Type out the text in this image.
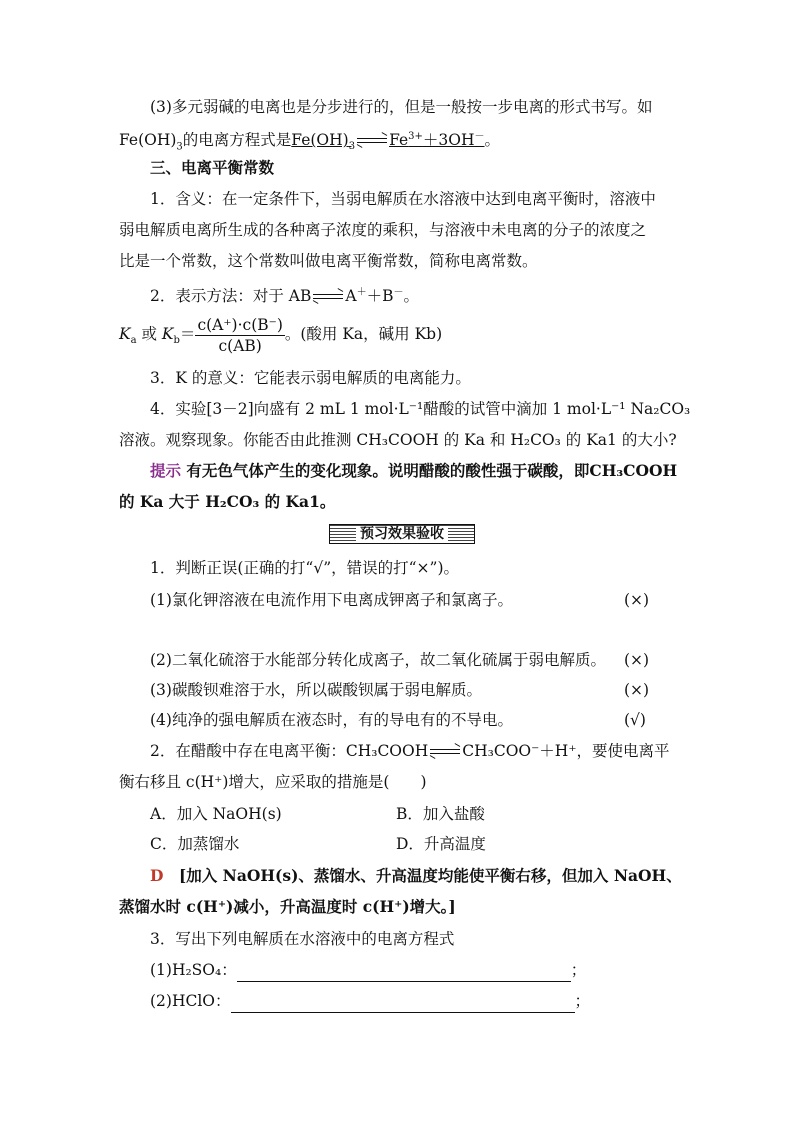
(3)多元弱碱的电离也是分步进行的，但是一般按一步电离的形式书写。如
$Fe(OH)_3$的电离方程式是$Fe(OH)_3$ $Fe^{3+}+3OH^-$。
三、电离平衡常数
1．含义：在一定条件下，当弱电解质在水溶液中达到电离平衡时，溶液中
弱电解质电离所生成的各种离子浓度的乘积，与溶液中未电离的分子的浓度之
比是一个常数，这个常数叫做电离平衡常数，简称电离常数。
2．表示方法：对于 AB A＋＋B－。
$K_a$ 或 $K_b= \frac{c(A^+)\cdot c(B^-)}{c(AB)}$ 。(酸用 Ka，碱用 Kb)
3．K 的意义：它能表示弱电解质的电离能力。
4．实验[3－2]向盛有 2 mL 1 mol·L⁻¹醋酸的试管中滴加 1 mol·L⁻¹ Na₂CO₃
溶液。观察现象。你能否由此推测 CH₃COOH 的 Ka 和 H₂CO₃ 的 Ka1 的大小?
提示 有无色气体产生的变化现象。说明醋酸的酸性强于碳酸，即CH₃COOH
的 Ka 大于 H₂CO₃ 的 Ka1。
预习效果验收
1．判断正误(正确的打“√”，错误的打“×”)。
(1)氯化钾溶液在电流作用下电离成钾离子和氯离子。	(×)
(2)二氧化硫溶于水能部分转化成离子，故二氧化硫属于弱电解质。 (×)
(3)碳酸钡难溶于水，所以碳酸钡属于弱电解质。	(×)
(4)纯净的强电解质在液态时，有的导电有的不导电。	(√)
2．在醋酸中存在电离平衡：CH₃COOH CH₃COO⁻＋H⁺，要使电离平
衡右移且 c(H⁺)增大，应采取的措施是(　　)
A．加入 NaOH(s)	B．加入盐酸
C．加蒸馏水	D．升高温度
D　[加入 NaOH(s)、蒸馏水、升高温度均能使平衡右移，但加入 NaOH、
蒸馏水时 c(H⁺)减小，升高温度时 c(H⁺)增大。]
3．写出下列电解质在水溶液中的电离方程式
(1)H₂SO₄：	；
(2)HClO：	；
